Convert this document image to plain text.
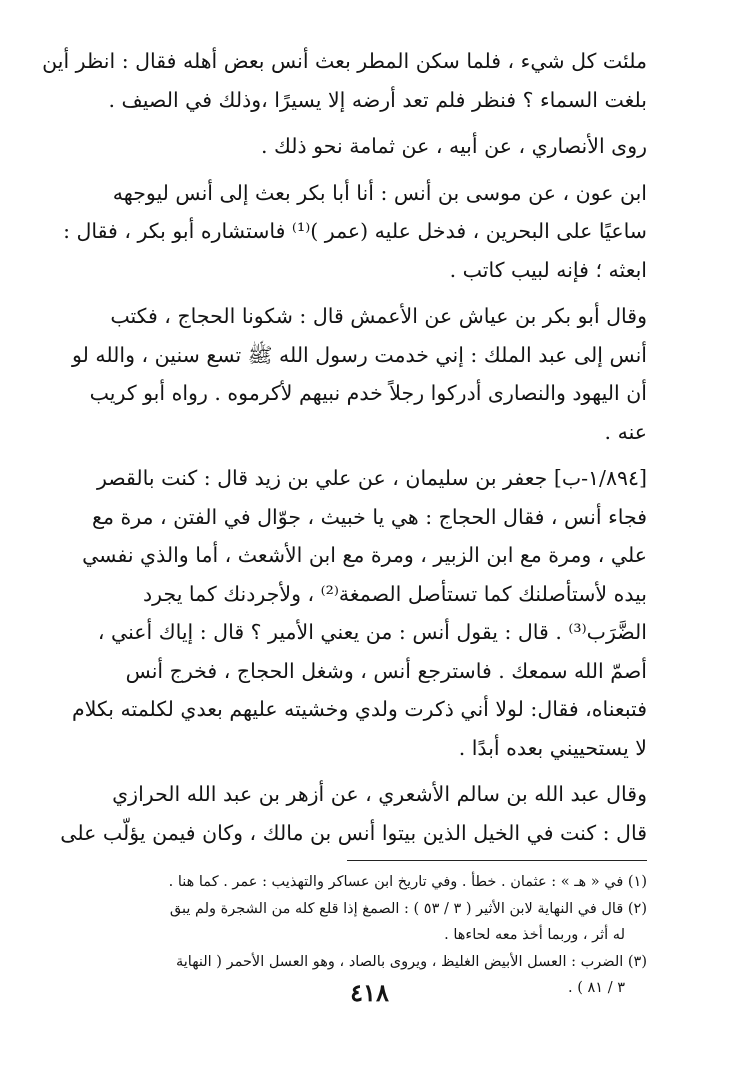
ملئت كل شيء ، فلما سكن المطر بعث أنس بعض أهله فقال : انظر أين
بلغت السماء ؟ فنظر فلم تعد أرضه إلا يسيرًا ،وذلك في الصيف .
روى الأنصاري ، عن أبيه ، عن ثمامة نحو ذلك .
ابن عون ، عن موسى بن أنس : أنا أبا بكر بعث إلى أنس ليوجهه
ساعيًا على البحرين ، فدخل عليه (عمر )⁽¹⁾ فاستشاره أبو بكر ، فقال :
ابعثه ؛ فإنه لبيب كاتب .
وقال أبو بكر بن عياش عن الأعمش قال : شكونا الحجاج ، فكتب
أنس إلى عبد الملك : إني خدمت رسول الله ﷺ تسع سنين ، والله لو
أن اليهود والنصارى أدركوا رجلاً خدم نبيهم لأكرموه . رواه أبو كريب
عنه .
[١/٨٩٤-ب] جعفر بن سليمان ، عن علي بن زيد قال : كنت بالقصر
فجاء أنس ، فقال الحجاج : هي يا خبيث ، جوّال في الفتن ، مرة مع
علي ، ومرة مع ابن الزبير ، ومرة مع ابن الأشعث ، أما والذي نفسي
بيده لأستأصلنك كما تستأصل الصمغة⁽²⁾ ، ولأجردنك كما يجرد
الضَّرَب⁽³⁾ . قال : يقول أنس : من يعني الأمير ؟ قال : إياك أعني ،
أصمّ الله سمعك . فاسترجع أنس ، وشغل الحجاج ، فخرج أنس
فتبعناه، فقال: لولا أني ذكرت ولدي وخشيته عليهم بعدي لكلمته بكلام
لا يستحييني بعده أبدًا .
وقال عبد الله بن سالم الأشعري ، عن أزهر بن عبد الله الحرازي
قال : كنت في الخيل الذين بيتوا أنس بن مالك ، وكان فيمن يؤلّب على
(١) في « هـ » : عثمان . خطأ . وفي تاريخ ابن عساكر والتهذيب : عمر . كما هنا .
(٢) قال في النهاية لابن الأثير ( ٣ / ٥٣ ) : الصمغ إذا قلع كله من الشجرة ولم يبق
له أثر ، وربما أخذ معه لحاءها .
(٣) الضرب : العسل الأبيض الغليظ ، ويروى بالصاد ، وهو العسل الأحمر ( النهاية
٣ / ٨١ ) .
٤١٨
